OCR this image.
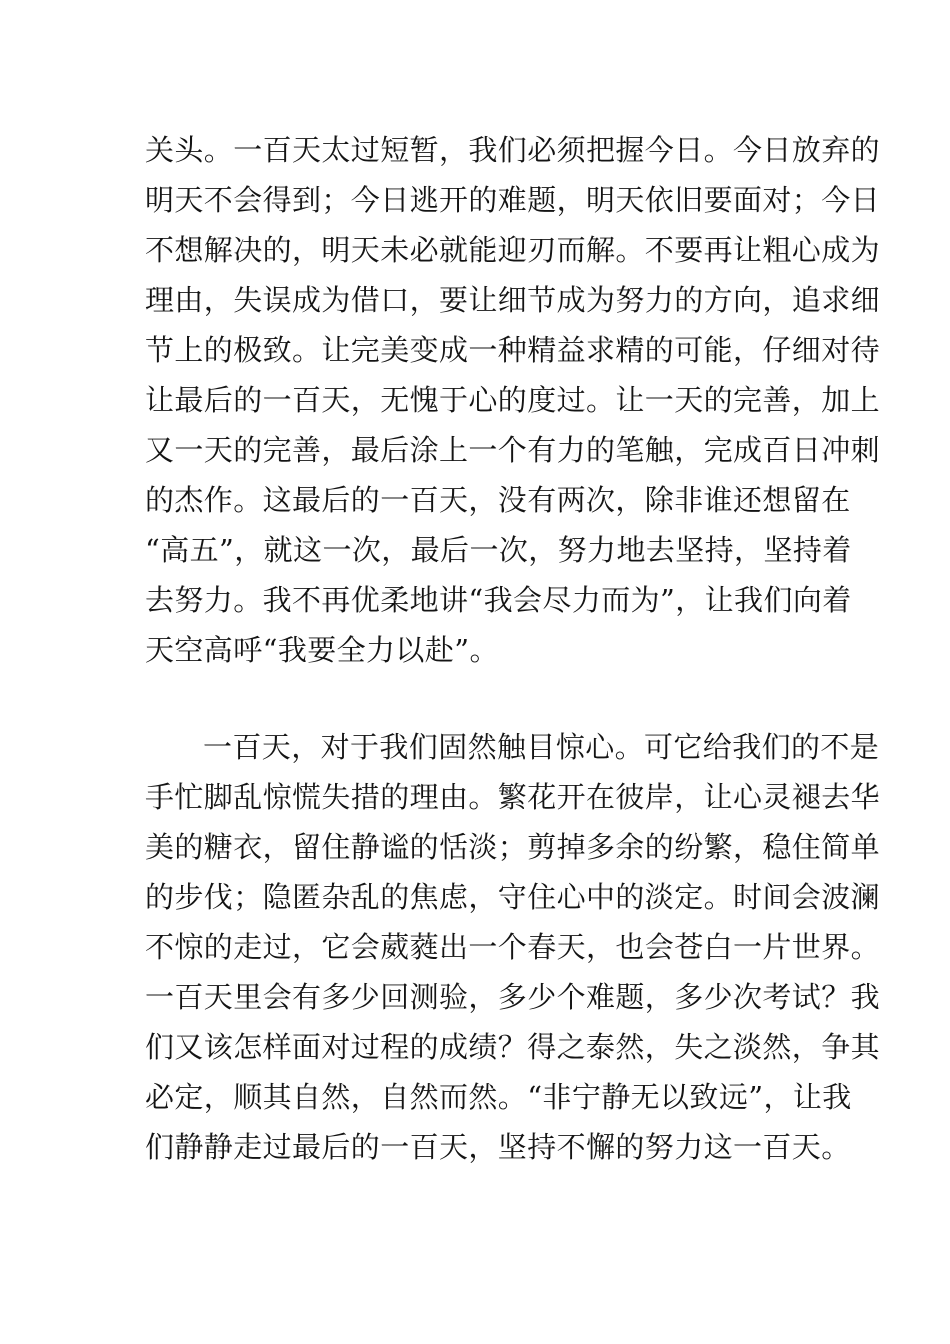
关头。一百天太过短暂，我们必须把握今日。今日放弃的
明天不会得到；今日逃开的难题，明天依旧要面对；今日
不想解决的，明天未必就能迎刃而解。不要再让粗心成为
理由，失误成为借口，要让细节成为努力的方向，追求细
节上的极致。让完美变成一种精益求精的可能，仔细对待
让最后的一百天，无愧于心的度过。让一天的完善，加上
又一天的完善，最后涂上一个有力的笔触，完成百日冲刺
的杰作。这最后的一百天，没有两次，除非谁还想留在
“高五”，就这一次，最后一次，努力地去坚持，坚持着
去努力。我不再优柔地讲“我会尽力而为”，让我们向着
天空高呼“我要全力以赴”。
一百天，对于我们固然触目惊心。可它给我们的不是
手忙脚乱惊慌失措的理由。繁花开在彼岸，让心灵褪去华
美的糖衣，留住静谧的恬淡；剪掉多余的纷繁，稳住简单
的步伐；隐匿杂乱的焦虑，守住心中的淡定。时间会波澜
不惊的走过，它会葳蕤出一个春天，也会苍白一片世界。
一百天里会有多少回测验，多少个难题，多少次考试？我
们又该怎样面对过程的成绩？得之泰然，失之淡然，争其
必定，顺其自然，自然而然。“非宁静无以致远”，让我
们静静走过最后的一百天，坚持不懈的努力这一百天。
